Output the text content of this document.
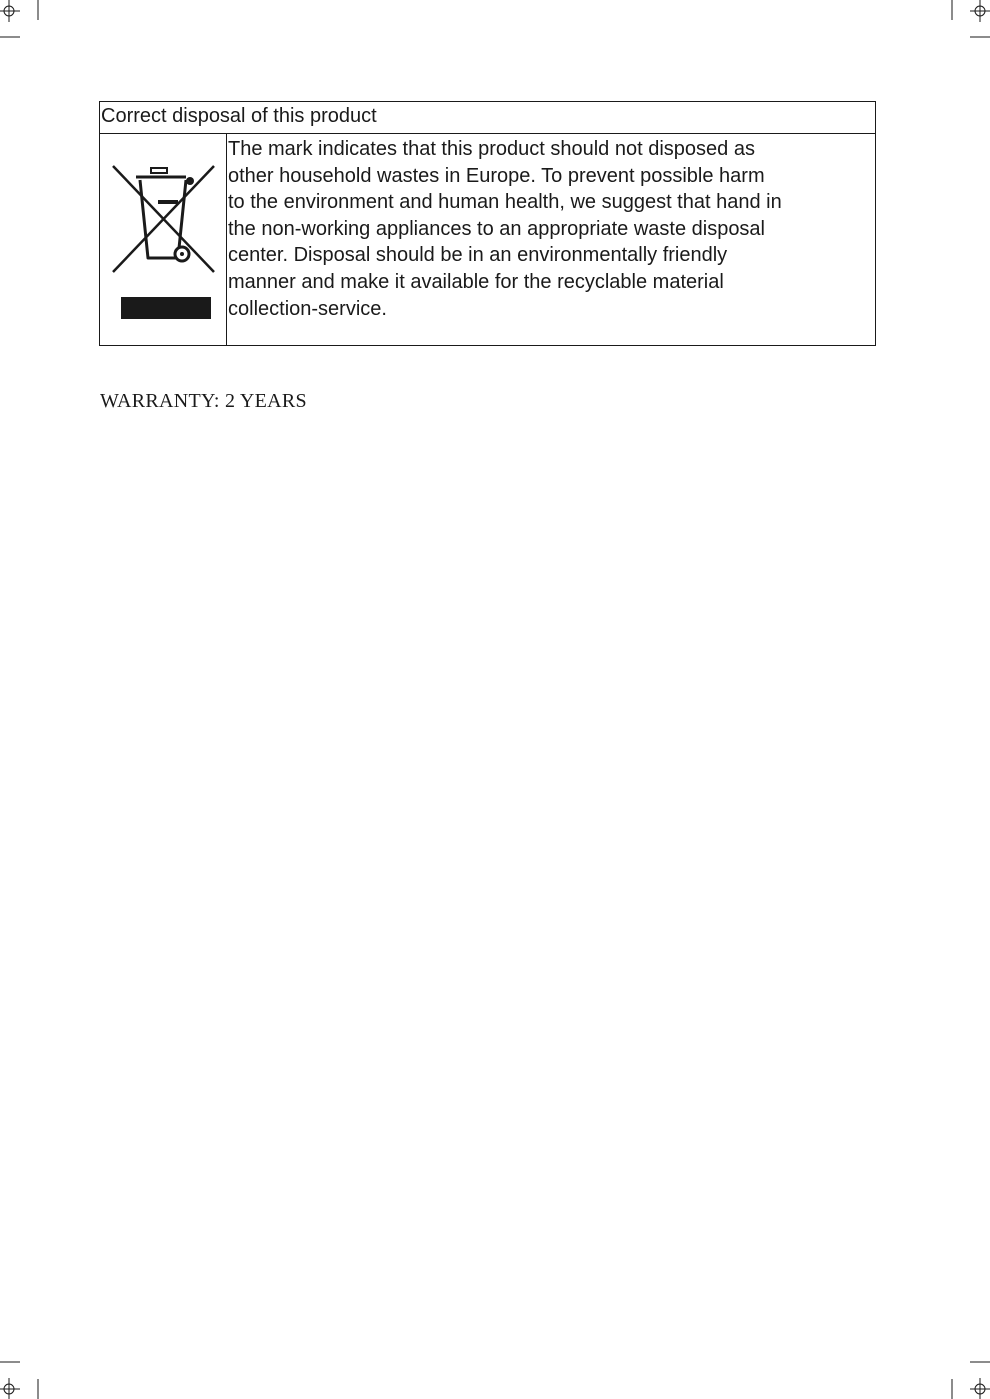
Correct disposal of this product
The mark indicates that this product should not disposed as
other household wastes in Europe. To prevent possible harm
to the environment and human health, we suggest that hand in
the non-working appliances to an appropriate waste disposal
center. Disposal should be in an environmentally friendly
manner and make it available for the recyclable material
collection-service.
WARRANTY: 2 YEARS
